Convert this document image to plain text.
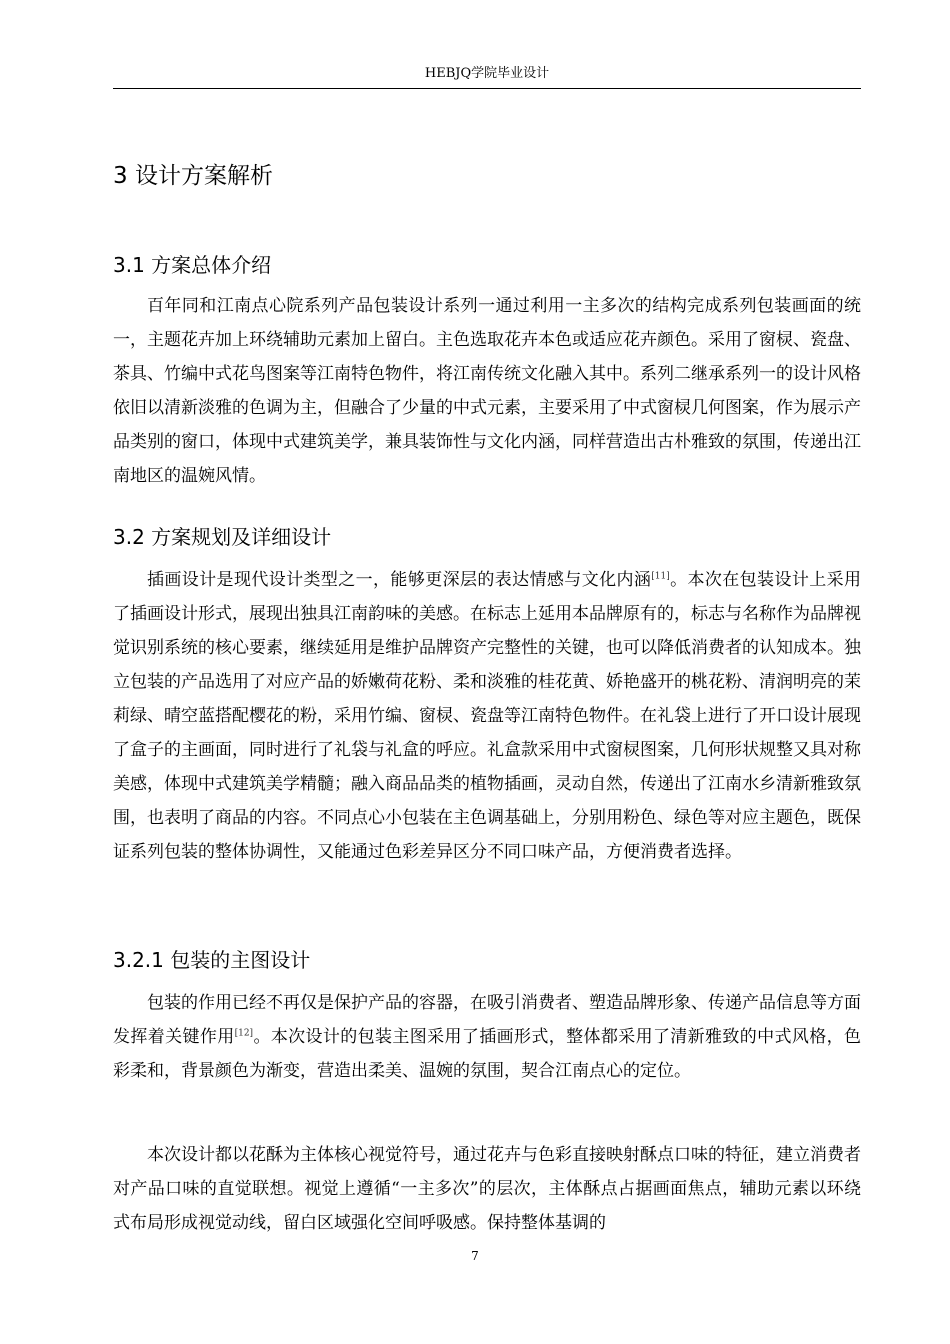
HEBJQ学院毕业设计
3 设计方案解析
3.1 方案总体介绍

百年同和江南点心院系列产品包装设计系列一通过利用一主多次的结构完成系列包装画面的统一，主题花卉加上环绕辅助元素加上留白。主色选取花卉本色或适应花卉颜色。采用了窗棂、瓷盘、茶具、竹编中式花鸟图案等江南特色物件，将江南传统文化融入其中。系列二继承系列一的设计风格依旧以清新淡雅的色调为主，但融合了少量的中式元素，主要采用了中式窗棂几何图案，作为展示产品类别的窗口，体现中式建筑美学，兼具装饰性与文化内涵，同样营造出古朴雅致的氛围，传递出江南地区的温婉风情。

3.2 方案规划及详细设计

插画设计是现代设计类型之一，能够更深层的表达情感与文化内涵[11]。本次在包装设计上采用了插画设计形式，展现出独具江南韵味的美感。在标志上延用本品牌原有的，标志与名称作为品牌视觉识别系统的核心要素，继续延用是维护品牌资产完整性的关键，也可以降低消费者的认知成本。独立包装的产品选用了对应产品的娇嫩荷花粉、柔和淡雅的桂花黄、娇艳盛开的桃花粉、清润明亮的茉莉绿、晴空蓝搭配樱花的粉，采用竹编、窗棂、瓷盘等江南特色物件。在礼袋上进行了开口设计展现了盒子的主画面，同时进行了礼袋与礼盒的呼应。礼盒款采用中式窗棂图案，几何形状规整又具对称美感，体现中式建筑美学精髓；融入商品品类的植物插画，灵动自然，传递出了江南水乡清新雅致氛围，也表明了商品的内容。不同点心小包装在主色调基础上，分别用粉色、绿色等对应主题色，既保证系列包装的整体协调性，又能通过色彩差异区分不同口味产品，方便消费者选择。

3.2.1 包装的主图设计

包装的作用已经不再仅是保护产品的容器，在吸引消费者、塑造品牌形象、传递产品信息等方面发挥着关键作用[12]。本次设计的包装主图采用了插画形式，整体都采用了清新雅致的中式风格，色彩柔和，背景颜色为渐变，营造出柔美、温婉的氛围，契合江南点心的定位。

本次设计都以花酥为主体核心视觉符号，通过花卉与色彩直接映射酥点口味的特征，建立消费者对产品口味的直觉联想。视觉上遵循“一主多次”的层次，主体酥点占据画面焦点，辅助元素以环绕式布局形成视觉动线，留白区域强化空间呼吸感。保持整体基调的

7
